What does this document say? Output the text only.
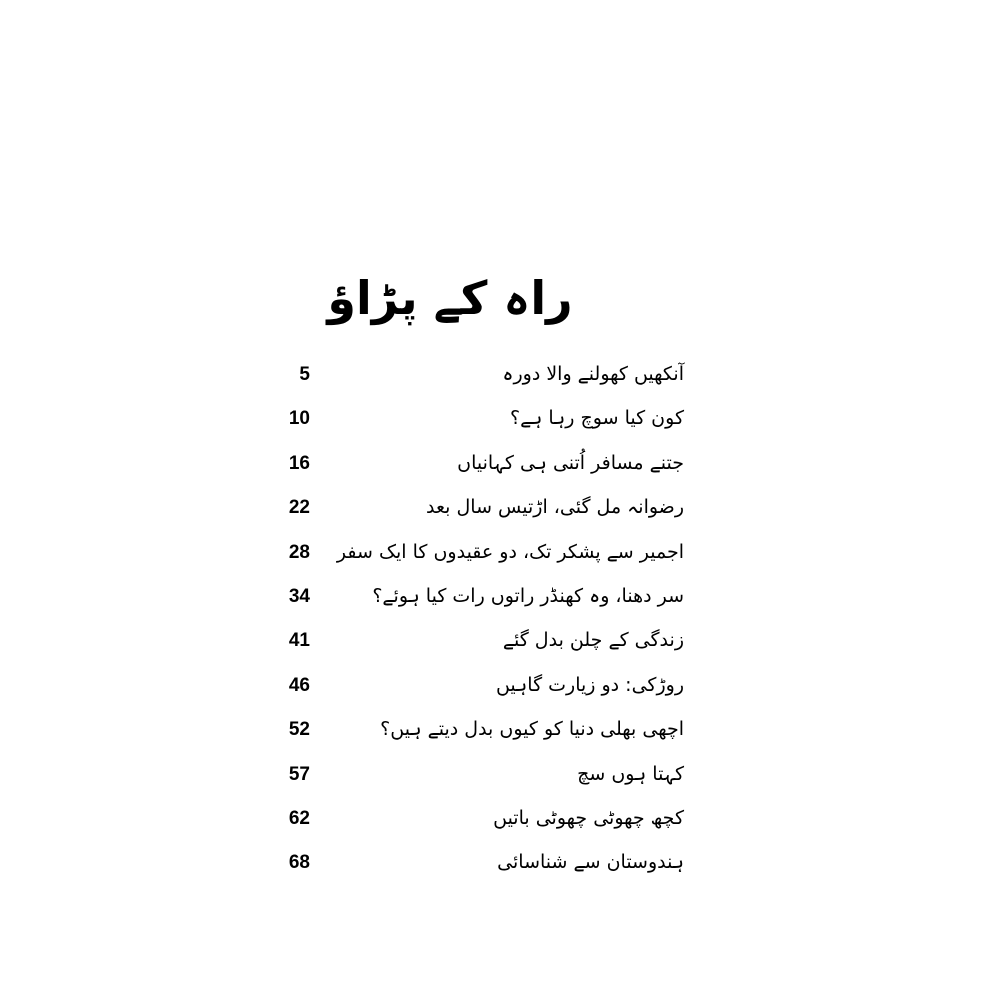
راہ کے پڑاؤ
5	آنکھیں کھولنے والا دورہ
10	کون کیا سوچ رہا ہے؟
16	جتنے مسافر اُتنی ہی کہانیاں
22	رضوانہ مل گئی، اڑتیس سال بعد
28 اجمیر سے پشکر تک، دو عقیدوں کا ایک سفر
34	سر دھنا، وہ کھنڈر راتوں رات کیا ہوئے؟
41	زندگی کے چلن بدل گئے
46	روڑکی: دو زیارت گاہیں
52	اچھی بھلی دنیا کو کیوں بدل دیتے ہیں؟
57	کہتا ہوں سچ
62	کچھ چھوٹی چھوٹی باتیں
68	ہندوستان سے شناسائی
